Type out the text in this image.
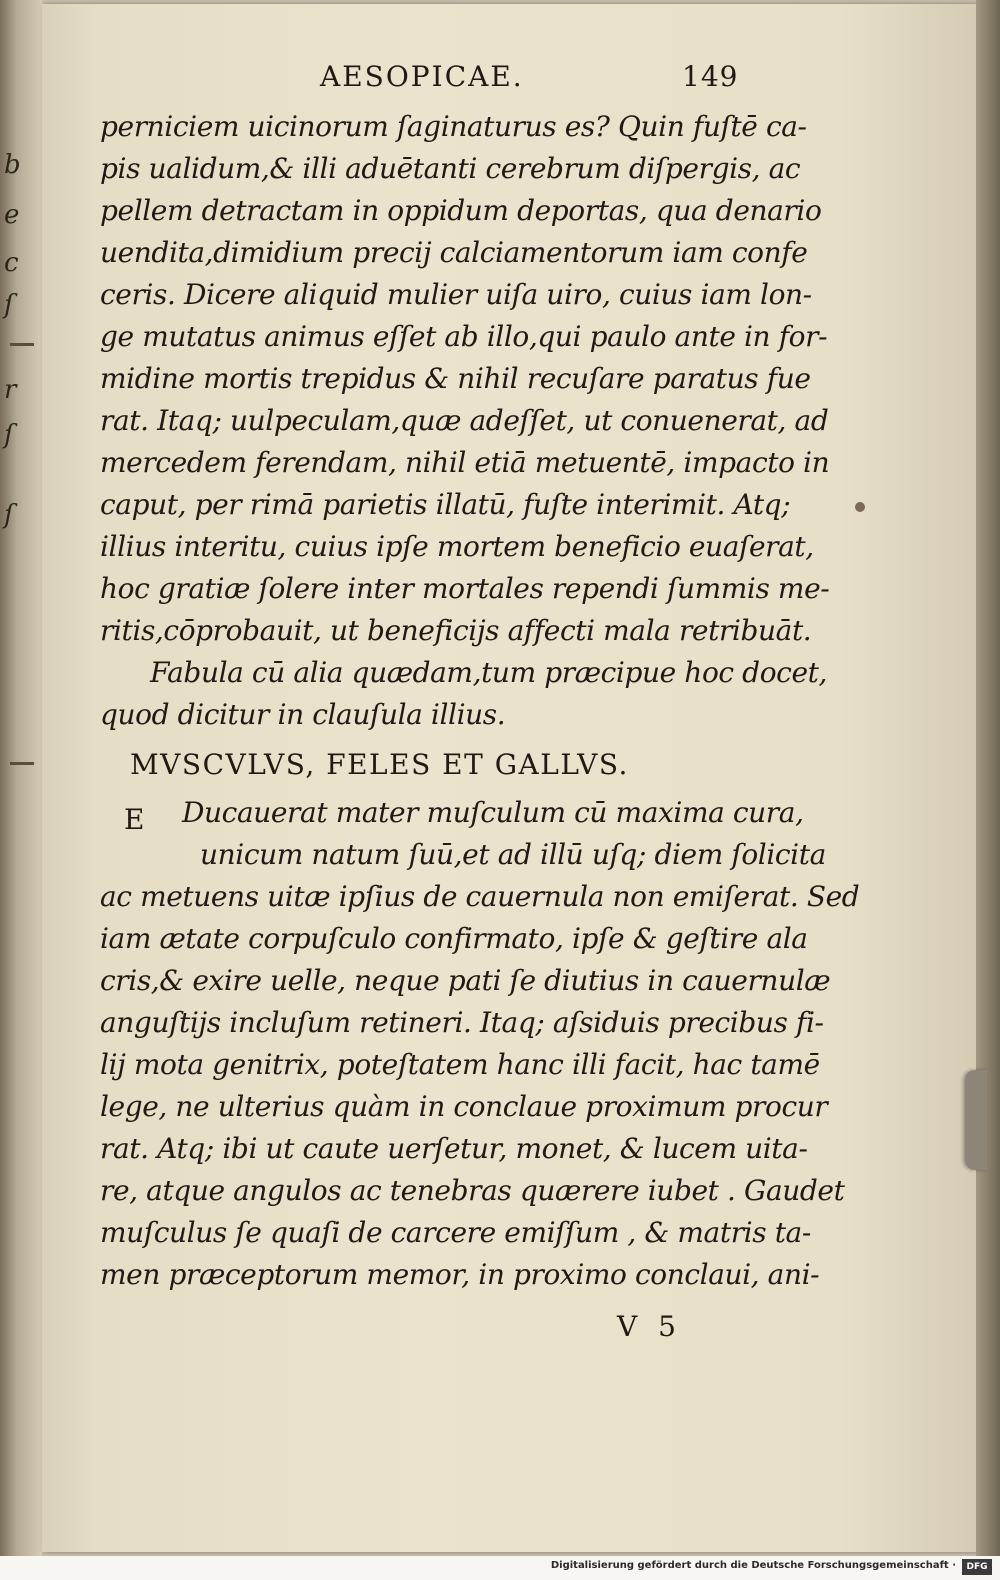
b
e
c
ſ
r
ſ
ſ
AESOPICAE.	149
perniciem uicinorum ſaginaturus es? Quin fuſtē ca-
pis ualidum,& illi aduētanti cerebrum diſpergis, ac
pellem detractam in oppidum deportas, qua denario
uendita,dimidium precij calciamentorum iam confe
ceris. Dicere aliquid mulier uiſa uiro, cuius iam lon-
ge mutatus animus eſſet ab illo,qui paulo ante in for-
midine mortis trepidus & nihil recuſare paratus fue
rat. Itaq; uulpeculam,quæ adeſſet, ut conuenerat, ad
mercedem ferendam, nihil etiā metuentē, impacto in
caput, per rimā parietis illatū, fuſte interimit. Atq;
illius interitu, cuius ipſe mortem beneficio euaſerat,
hoc gratiæ ſolere inter mortales rependi ſummis me-
ritis,cōprobauit, ut beneficijs affecti mala retribuāt.
Fabula cū alia quædam,tum præcipue hoc docet,
quod dicitur in clauſula illius.
MVSCVLVS, FELES ET GALLVS.
E Ducauerat mater muſculum cū maxima cura,
unicum natum ſuū,et ad illū uſq; diem ſolicita
ac metuens uitæ ipſius de cauernula non emiſerat. Sed
iam ætate corpuſculo confirmato, ipſe & geſtire ala
cris,& exire uelle, neque pati ſe diutius in cauernulæ
anguſtijs incluſum retineri. Itaq; aſsiduis precibus fi-
lij mota genitrix, poteſtatem hanc illi facit, hac tamē
lege, ne ulterius quàm in conclaue proximum procur
rat. Atq; ibi ut caute uerſetur, monet, & lucem uita-
re, atque angulos ac tenebras quærere iubet . Gaudet
muſculus ſe quaſi de carcere emiſſum , & matris ta-
men præceptorum memor, in proximo conclaui, ani-
V 5
Digitalisierung gefördert durch die Deutsche Forschungsgemeinschaft ·	DFG
